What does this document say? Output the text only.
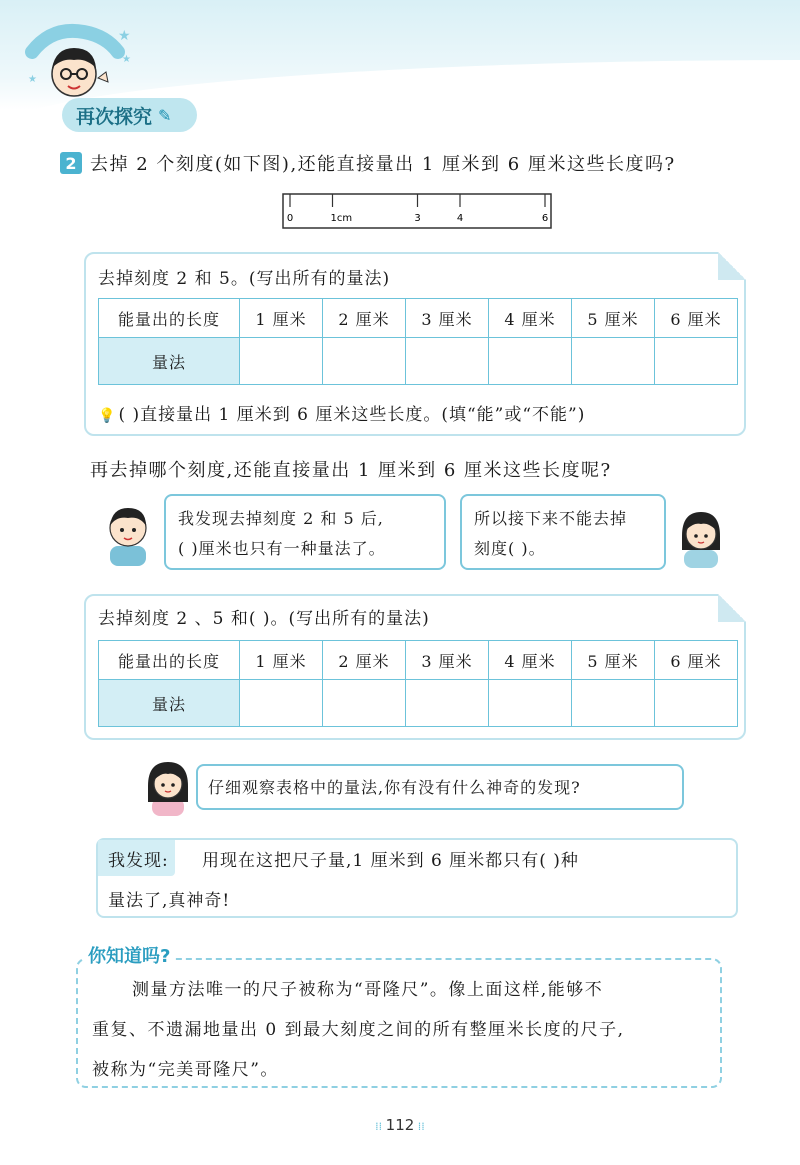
★
★
★
再次探究 ✎
2 去掉 2 个刻度(如下图),还能直接量出 1 厘米到 6 厘米这些长度吗?
0	1cm	3	4	6
去掉刻度 2 和 5。(写出所有的量法)
能量出的长度	1 厘米	2 厘米	3 厘米	4 厘米	5 厘米	6 厘米
量法						
💡 ( )直接量出 1 厘米到 6 厘米这些长度。(填“能”或“不能”)
再去掉哪个刻度,还能直接量出 1 厘米到 6 厘米这些长度呢?
我发现去掉刻度 2 和 5 后,
( )厘米也只有一种量法了。
所以接下来不能去掉
刻度( )。
去掉刻度 2 、5 和( )。(写出所有的量法)
能量出的长度	1 厘米	2 厘米	3 厘米	4 厘米	5 厘米	6 厘米
量法						
仔细观察表格中的量法,你有没有什么神奇的发现?
我发现:	用现在这把尺子量,1 厘米到 6 厘米都只有( )种
量法了,真神奇!
测量方法唯一的尺子被称为“哥隆尺”。像上面这样,能够不
重复、不遗漏地量出 0 到最大刻度之间的所有整厘米长度的尺子,
被称为“完美哥隆尺”。
你知道吗?
⁞⁞ 112 ⁞⁞
